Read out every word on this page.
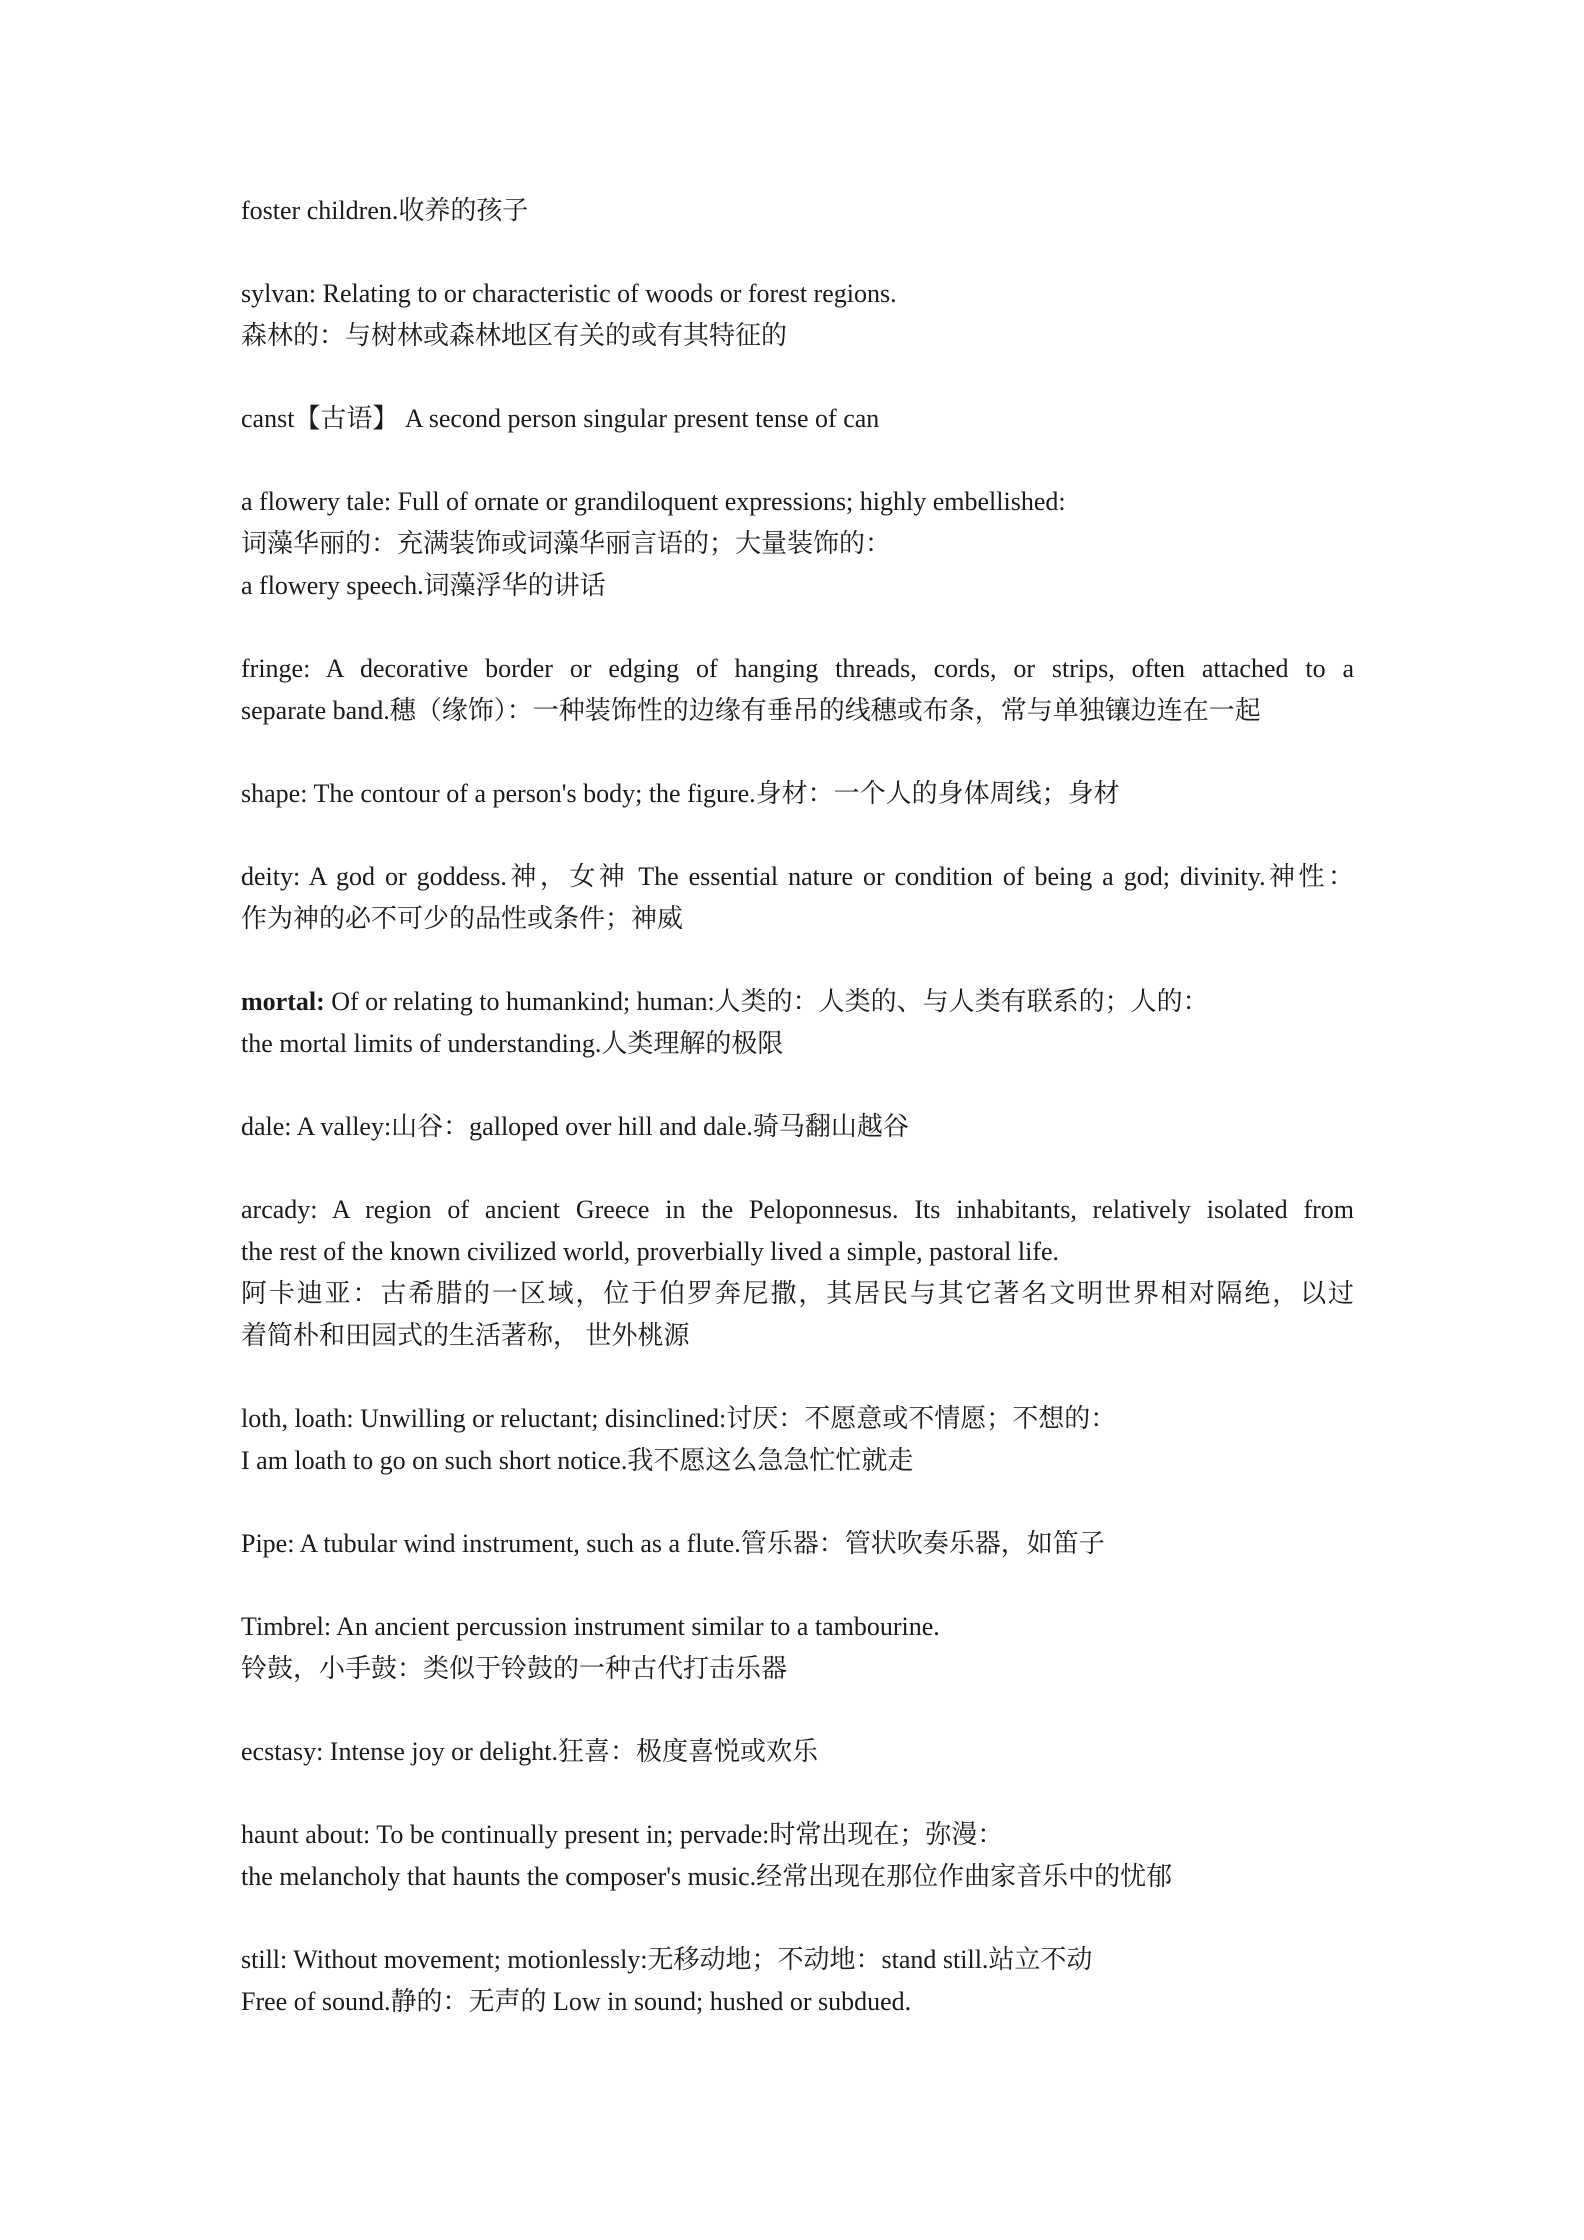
foster children.收养的孩子
sylvan: Relating to or characteristic of woods or forest regions.
森林的：与树林或森林地区有关的或有其特征的
canst【古语】 A second person singular present tense of can
a flowery tale: Full of ornate or grandiloquent expressions; highly embellished:
词藻华丽的：充满装饰或词藻华丽言语的；大量装饰的：
a flowery speech.词藻浮华的讲话
fringe: A decorative border or edging of hanging threads, cords, or strips, often attached to a
separate band.穗（缘饰）：一种装饰性的边缘有垂吊的线穗或布条，常与单独镶边连在一起
shape: The contour of a person's body; the figure.身材：一个人的身体周线；身材
deity: A god or goddess.神，女神 The essential nature or condition of being a god; divinity.神性：
作为神的必不可少的品性或条件；神威
mortal: Of or relating to humankind; human:人类的：人类的、与人类有联系的；人的：
the mortal limits of understanding.人类理解的极限
dale: A valley:山谷：galloped over hill and dale.骑马翻山越谷
arcady: A region of ancient Greece in the Peloponnesus. Its inhabitants, relatively isolated from
the rest of the known civilized world, proverbially lived a simple, pastoral life.
阿卡迪亚：古希腊的一区域，位于伯罗奔尼撒，其居民与其它著名文明世界相对隔绝，以过
着简朴和田园式的生活著称， 世外桃源
loth, loath: Unwilling or reluctant; disinclined:讨厌：不愿意或不情愿；不想的：
I am loath to go on such short notice.我不愿这么急急忙忙就走
Pipe: A tubular wind instrument, such as a flute.管乐器：管状吹奏乐器，如笛子
Timbrel: An ancient percussion instrument similar to a tambourine.
铃鼓，小手鼓：类似于铃鼓的一种古代打击乐器
ecstasy: Intense joy or delight.狂喜：极度喜悦或欢乐
haunt about: To be continually present in; pervade:时常出现在；弥漫：
the melancholy that haunts the composer's music.经常出现在那位作曲家音乐中的忧郁
still: Without movement; motionlessly:无移动地；不动地：stand still.站立不动
Free of sound.静的：无声的 Low in sound; hushed or subdued.
